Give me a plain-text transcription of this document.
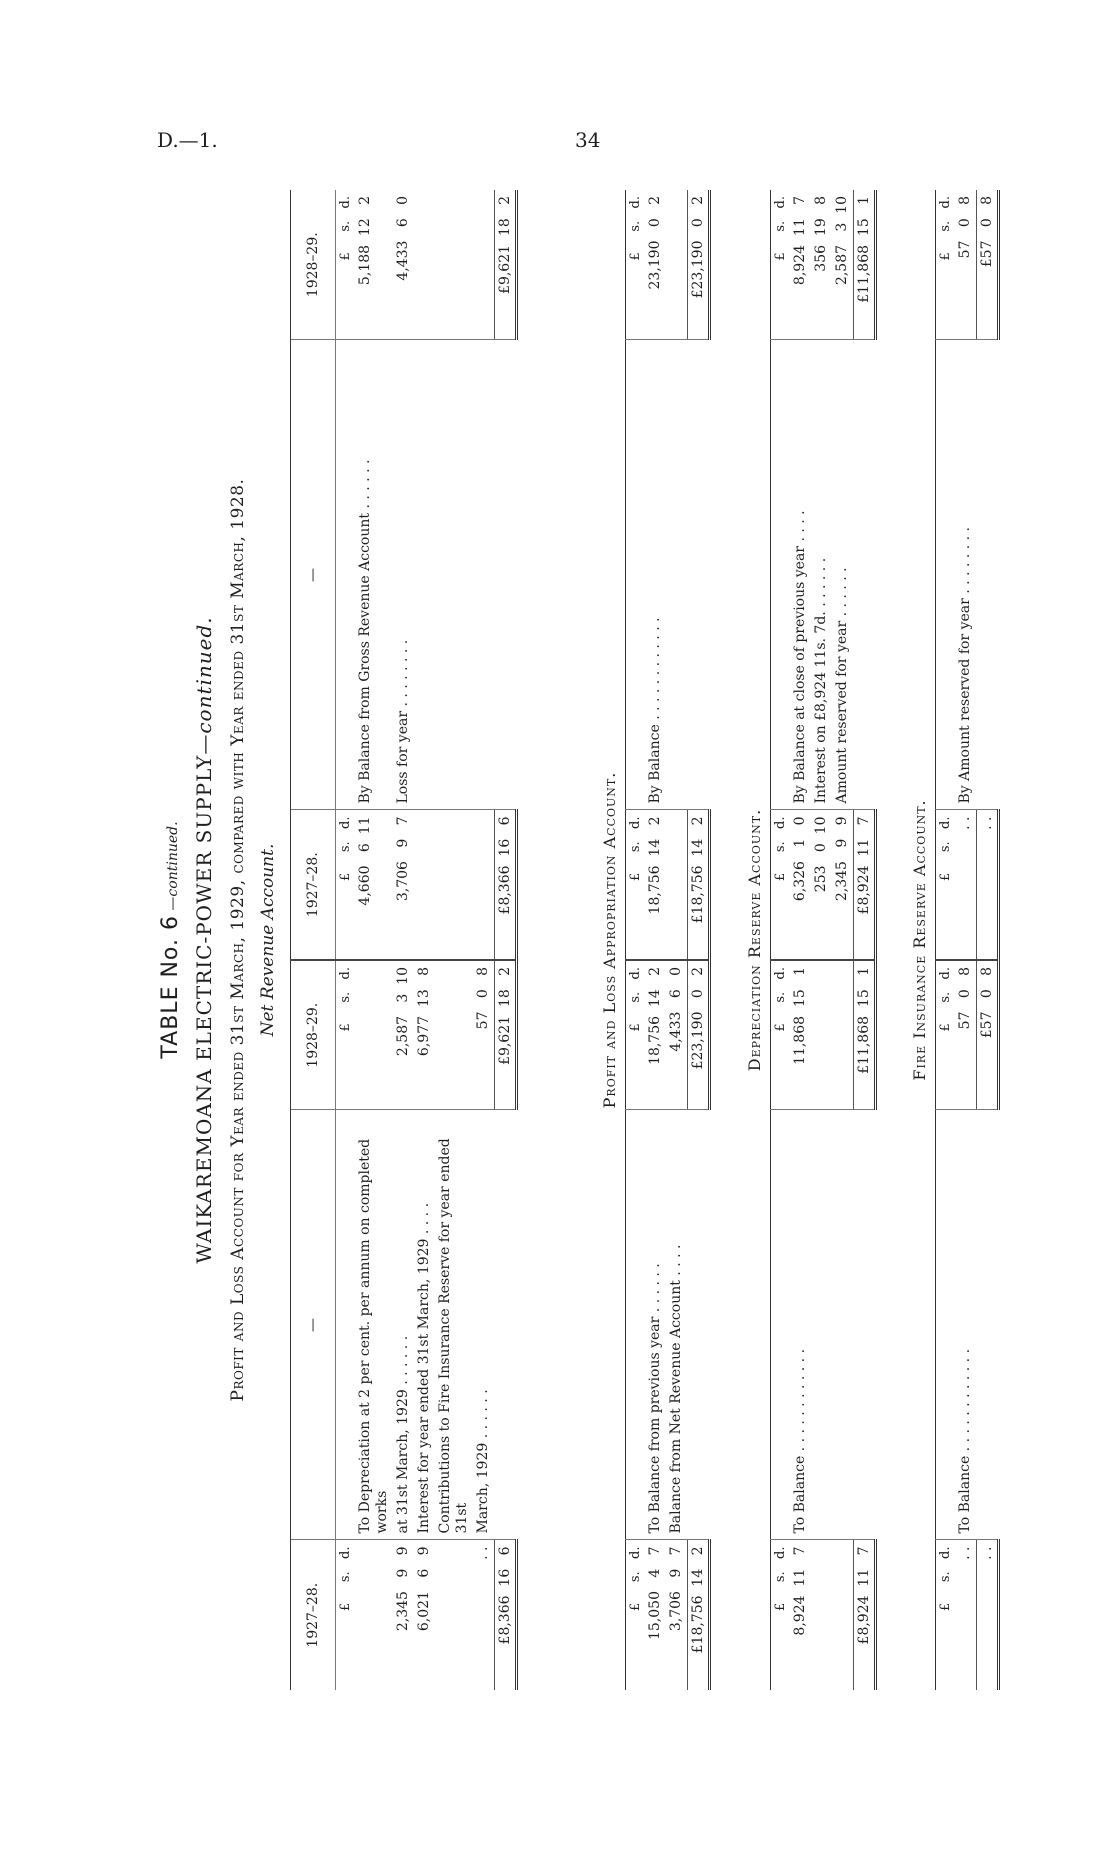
D.—1.	34
TABLE No. 6 —continued. WAIKAREMOANA ELECTRIC-POWER SUPPLY—continued. Profit and Loss Account for Year ended 31st March, 1929, compared with Year ended 31st March, 1928. Net Revenue Account.
1927–28.	—	1928–29.	1927–28.	—	1928–29.
£     s.   d.		£     s.   d.	£     s.   d.		£     s.   d.
	To Depreciation at 2 per cent. per annum on completed works		4,660   6  11	By Balance from Gross Revenue Account . . . . . .	5,188  12   2
2,345   9   9	at 31st March, 1929 . . . . . .	2,587   3  10	3,706   9   7	Loss for year . . . . . . . .	4,433   6   0
6,021   6   9	Interest for year ended 31st March, 1929 . . . .	6,977  13   8			
	Contributions to Fire Insurance Reserve for year ended 31st				
. .	March, 1929 . . . . . .	57   0   8			
£8,366  16   6		£9,621  18   2	£8,366  16   6		£9,621  18   2
Profit and Loss Appropriation Account.
£     s.   d.		£     s.   d.	£     s.   d.		£     s.   d.
15,050   4   7	To Balance from previous year . . . . . .	18,756  14   2	18,756  14   2	By Balance . . . . . . . . . . . .	23,190   0   2
3,706   9   7	Balance from Net Revenue Account . . . .	4,433   6   0			
£18,756  14   2		£23,190   0   2	£18,756  14   2		£23,190   0   2
Depreciation Reserve Account.
£     s.   d.		£     s.   d.	£     s.   d.		£     s.   d.
8,924  11   7	To Balance . . . . . . . . . . . .	11,868  15   1	6,326   1   0	By Balance at close of previous year . . . .	8,924  11   7
			253   0  10	Interest on £8,924 11s. 7d. . . . . . .	356  19   8
			2,345   9   9	Amount reserved for year . . . . . .	2,587   3  10
£8,924  11   7		£11,868  15   1	£8,924  11   7		£11,868  15   1
Fire Insurance Reserve Account.
£     s.   d.		£     s.   d.	£     s.   d.		£     s.   d.
. .	To Balance . . . . . . . . . . . .	57   0   8	. .	By Amount reserved for year . . . . . . . .	57   0   8
. .		£57   0   8	. .		£57   0   8
